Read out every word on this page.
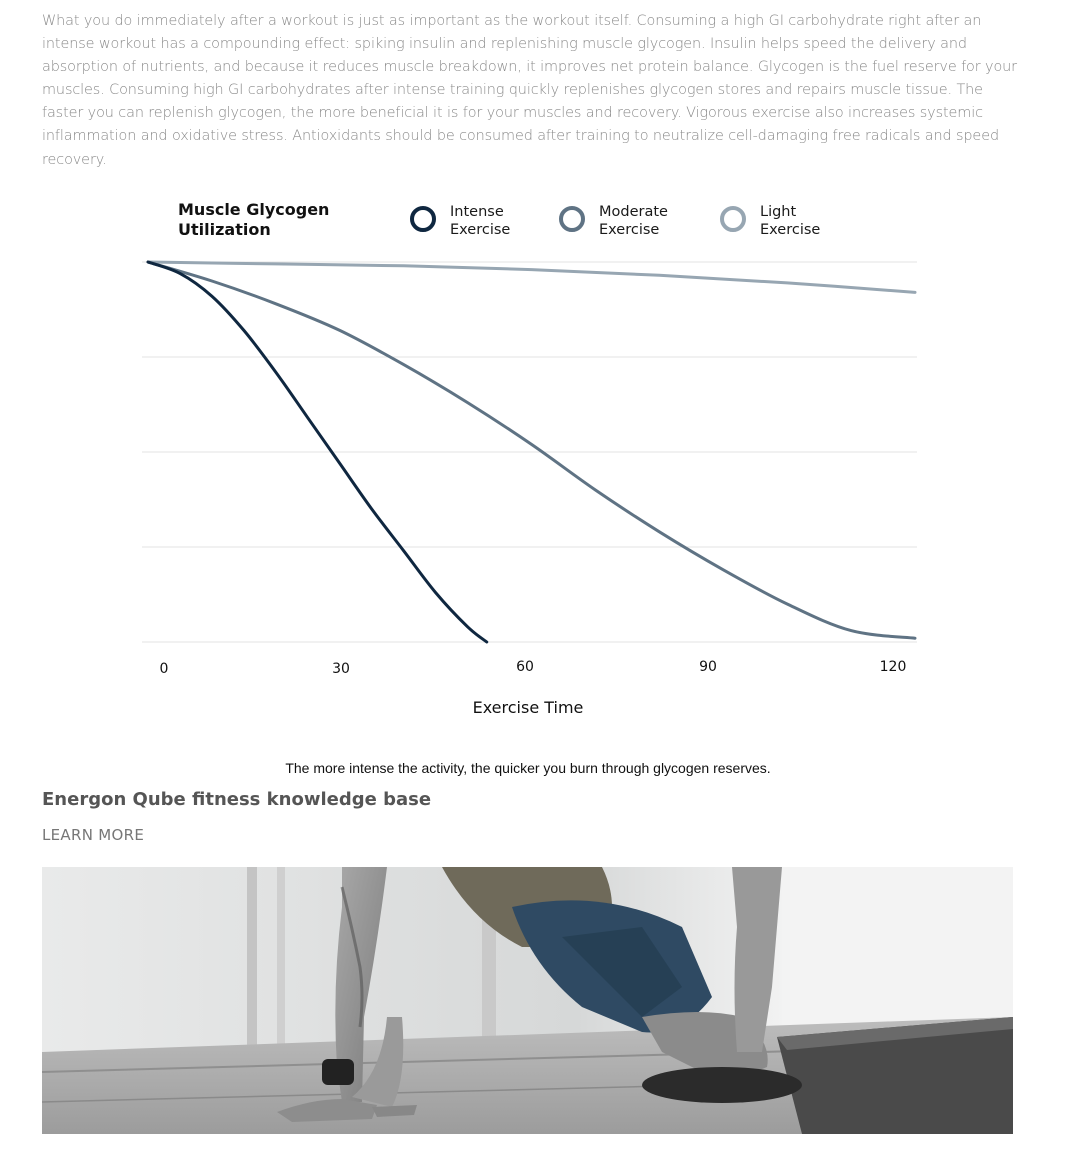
What you do immediately after a workout is just as important as the workout itself. Consuming a high GI carbohydrate right after an intense workout has a compounding effect: spiking insulin and replenishing muscle glycogen. Insulin helps speed the delivery and absorption of nutrients, and because it reduces muscle breakdown, it improves net protein balance. Glycogen is the fuel reserve for your muscles. Consuming high GI carbohydrates after intense training quickly replenishes glycogen stores and repairs muscle tissue. The faster you can replenish glycogen, the more beneficial it is for your muscles and recovery. Vigorous exercise also increases systemic inflammation and oxidative stress. Antioxidants should be consumed after training to neutralize cell-damaging free radicals and speed recovery.

0	30	60	90	120
Exercise Time
Muscle Glycogen
Utilization
Intense
Exercise
Moderate
Exercise
Light
Exercise
The more intense the activity, the quicker you burn through glycogen reserves.
Energon Qube fitness knowledge base
LEARN MORE
